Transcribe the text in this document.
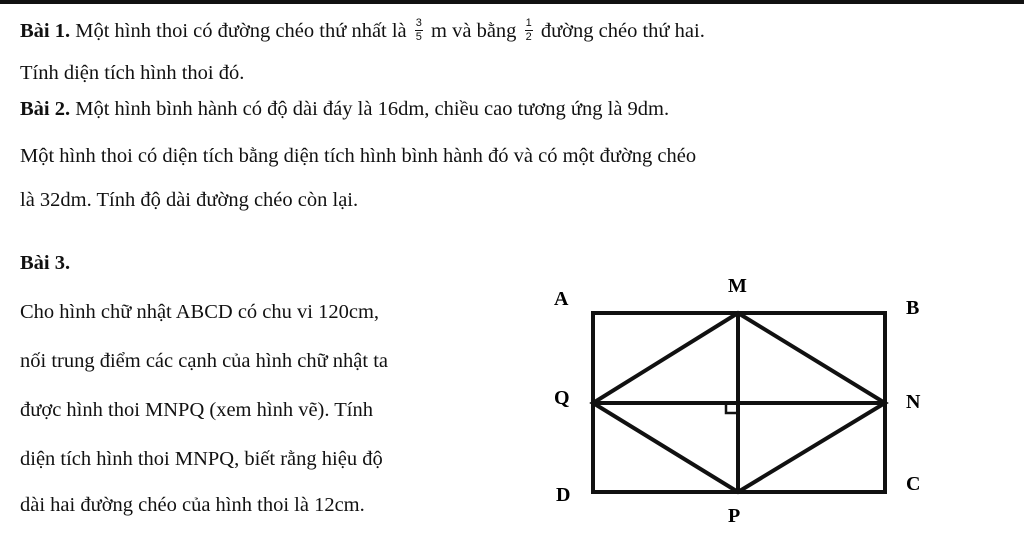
Bài 1. Một hình thoi có đường chéo thứ nhất là $\frac{3}{5}$ m và bằng $\frac{1}{2}$ đường chéo thứ hai.
Tính diện tích hình thoi đó.
Bài 2. Một hình bình hành có độ dài đáy là 16dm, chiều cao tương ứng là 9dm.
Một hình thoi có diện tích bằng diện tích hình bình hành đó và có một đường chéo
là 32dm. Tính độ dài đường chéo còn lại.
Bài 3.
Cho hình chữ nhật ABCD có chu vi 120cm,
nối trung điểm các cạnh của hình chữ nhật ta
được hình thoi MNPQ (xem hình vẽ). Tính
diện tích hình thoi MNPQ, biết rằng hiệu độ
dài hai đường chéo của hình thoi là 12cm.
A	B
C
D
M
N
P
Q
